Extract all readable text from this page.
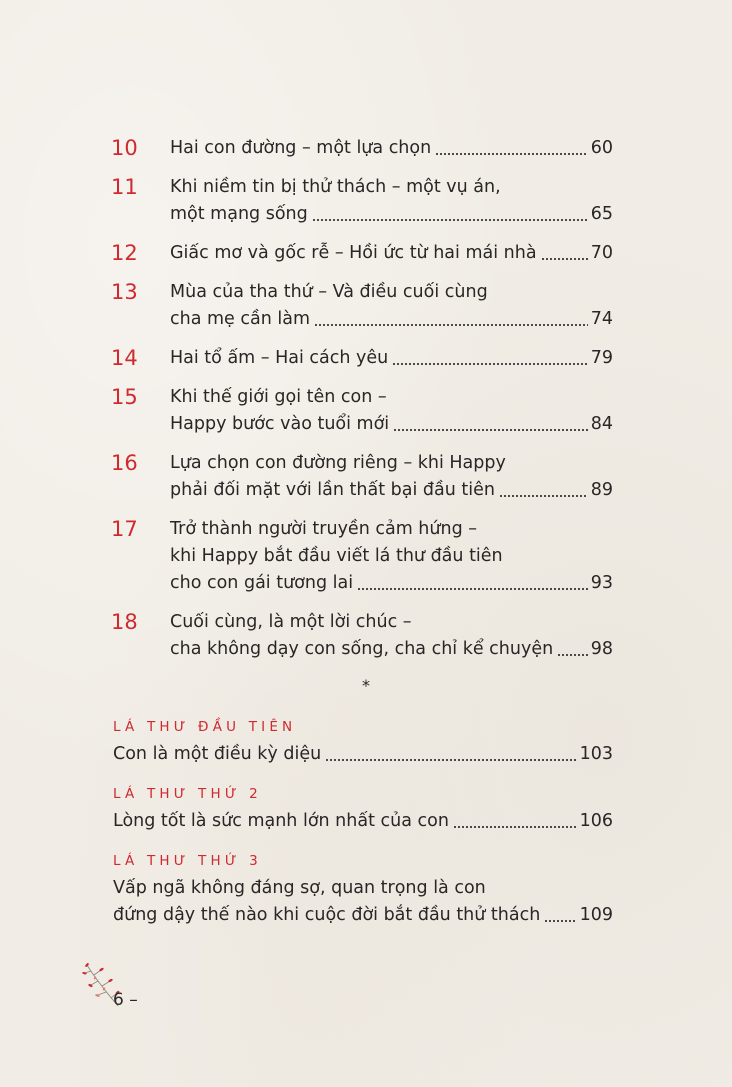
10	Hai con đường – một lựa chọn	60
11	Khi niềm tin bị thử thách – một vụ án,
một mạng sống	65
12	Giấc mơ và gốc rễ – Hồi ức từ hai mái nhà	70
13	Mùa của tha thứ – Và điều cuối cùng
cha mẹ cần làm	74
14	Hai tổ ấm – Hai cách yêu	79
15	Khi thế giới gọi tên con –
Happy bước vào tuổi mới	84
16	Lựa chọn con đường riêng – khi Happy
phải đối mặt với lần thất bại đầu tiên	89
17	Trở thành người truyền cảm hứng –
khi Happy bắt đầu viết lá thư đầu tiên
cho con gái tương lai	93
18	Cuối cùng, là một lời chúc –
cha không dạy con sống, cha chỉ kể chuyện 98
*
LÁ THƯ ĐẦU TIÊN
Con là một điều kỳ diệu	103
LÁ THƯ THỨ 2
Lòng tốt là sức mạnh lớn nhất của con	106
LÁ THƯ THỨ 3
Vấp ngã không đáng sợ, quan trọng là con
đứng dậy thế nào khi cuộc đời bắt đầu thử thách 109
6 –
